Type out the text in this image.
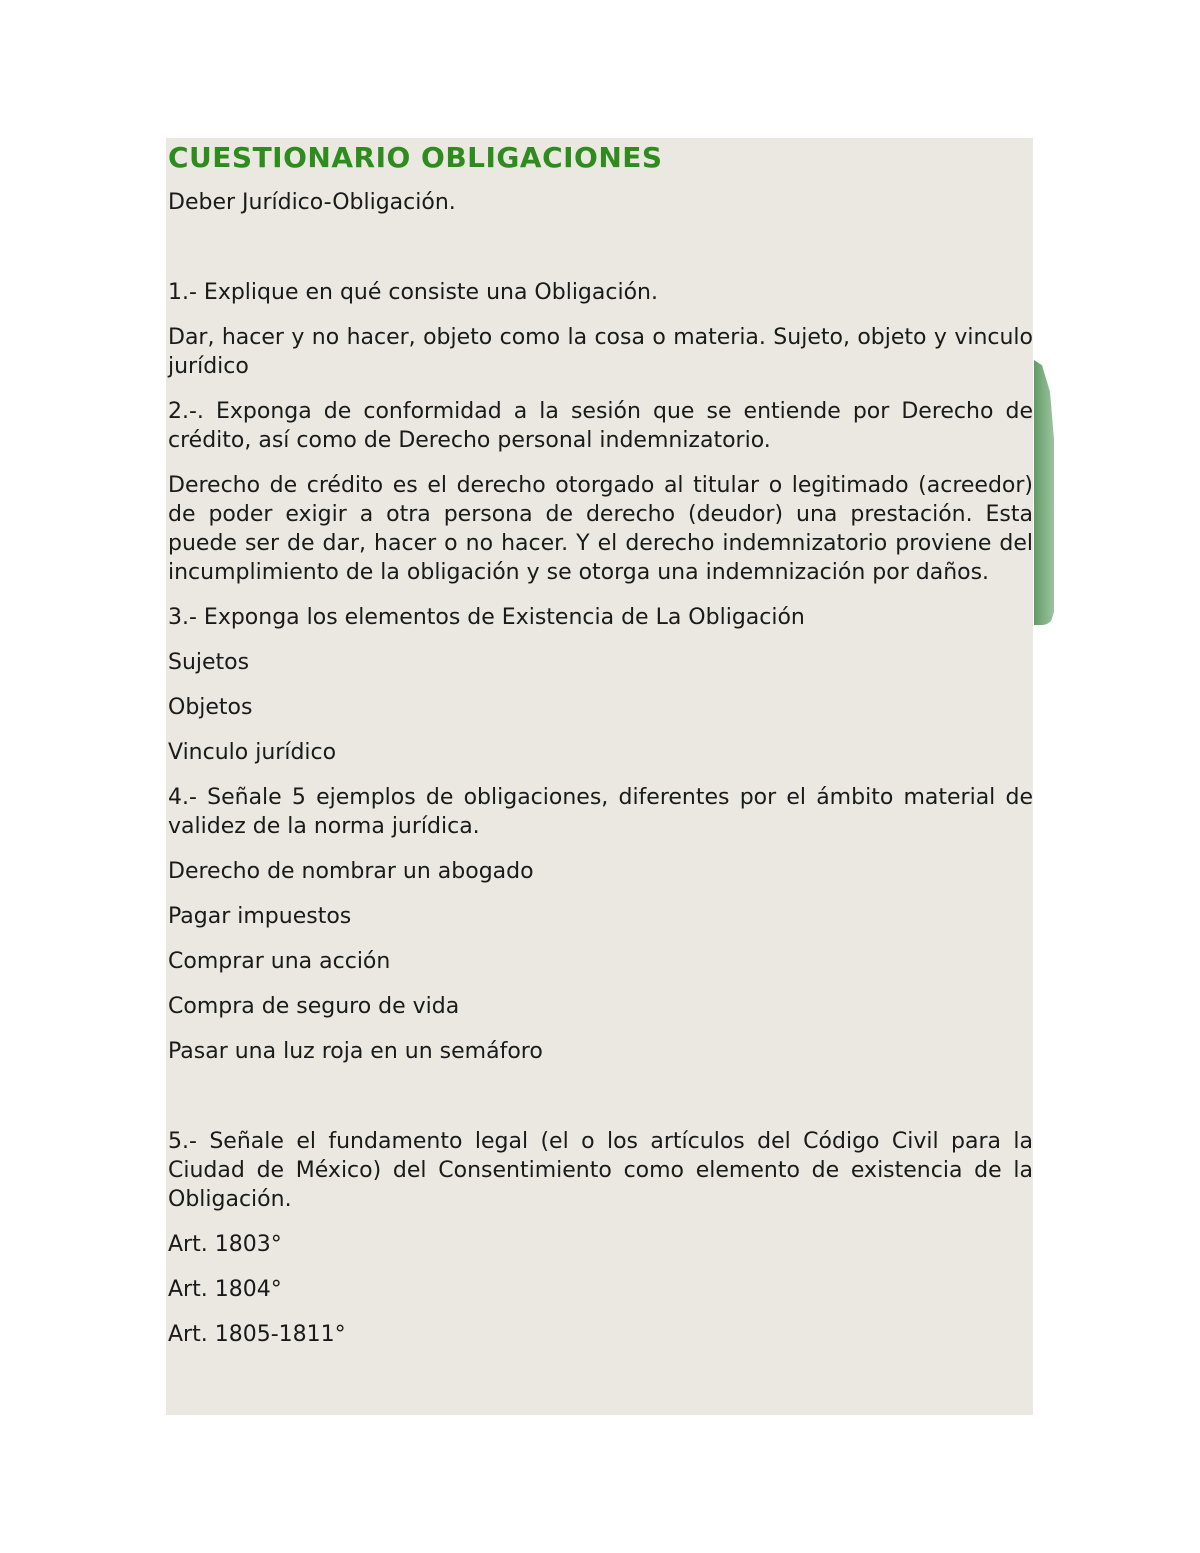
CUESTIONARIO OBLIGACIONES
Deber Jurídico-Obligación.
1.- Explique en qué consiste una Obligación.
Dar, hacer y no hacer, objeto como la cosa o materia. Sujeto, objeto y vinculo jurídico
2.-. Exponga de conformidad a la sesión que se entiende por Derecho de crédito, así como de Derecho personal indemnizatorio.
Derecho de crédito es el derecho otorgado al titular o legitimado (acreedor) de poder exigir a otra persona de derecho (deudor) una prestación. Esta puede ser de dar, hacer o no hacer. Y el derecho indemnizatorio proviene del incumplimiento de la obligación y se otorga una indemnización por daños.
3.- Exponga los elementos de Existencia de La Obligación
Sujetos
Objetos
Vinculo jurídico
4.- Señale 5 ejemplos de obligaciones, diferentes por el ámbito material de validez de la norma jurídica.
Derecho de nombrar un abogado
Pagar impuestos
Comprar una acción
Compra de seguro de vida
Pasar una luz roja en un semáforo
5.- Señale el fundamento legal (el o los artículos del Código Civil para la Ciudad de México) del Consentimiento como elemento de existencia de la Obligación.
Art. 1803°
Art. 1804°
Art. 1805-1811°
